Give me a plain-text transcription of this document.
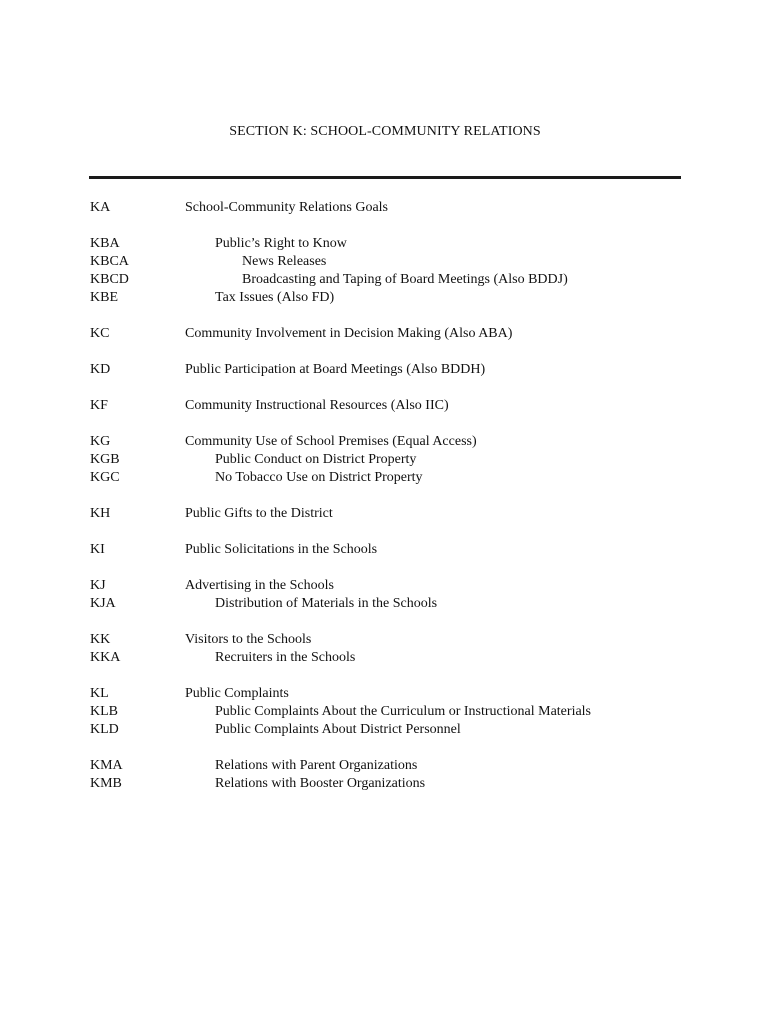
SECTION K: SCHOOL-COMMUNITY RELATIONS
KA	School-Community Relations Goals
KBA	Public’s Right to Know
KBCA	News Releases
KBCD	Broadcasting and Taping of Board Meetings (Also BDDJ)
KBE	Tax Issues (Also FD)
KC	Community Involvement in Decision Making (Also ABA)
KD	Public Participation at Board Meetings (Also BDDH)
KF	Community Instructional Resources (Also IIC)
KG	Community Use of School Premises (Equal Access)
KGB	Public Conduct on District Property
KGC	No Tobacco Use on District Property
KH	Public Gifts to the District
KI	Public Solicitations in the Schools
KJ	Advertising in the Schools
KJA	Distribution of Materials in the Schools
KK	Visitors to the Schools
KKA	Recruiters in the Schools
KL	Public Complaints
KLB	Public Complaints About the Curriculum or Instructional Materials
KLD	Public Complaints About District Personnel
KMA	Relations with Parent Organizations
KMB	Relations with Booster Organizations
